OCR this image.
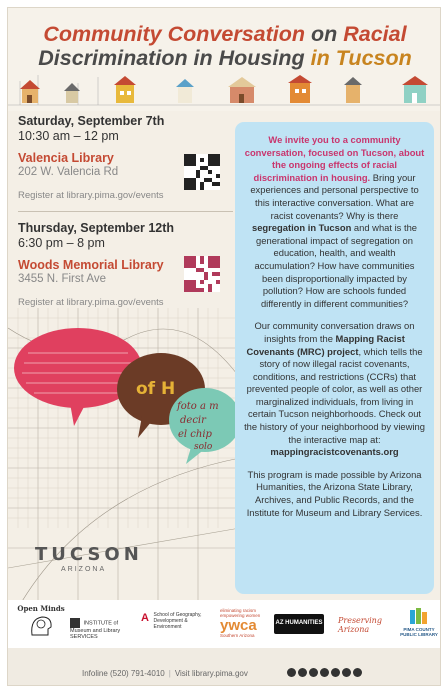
Community Conversation on Racial
Discrimination in Housing in Tucson
Saturday, September 7th
10:30 am – 12 pm
Valencia Library
202 W. Valencia Rd
Register at library.pima.gov/events
Thursday, September 12th
6:30 pm – 8 pm
Woods Memorial Library
3455 N. First Ave
Register at library.pima.gov/events
of H
foto a m
decir
el chip
solo
TUCSON
ARIZONA

We invite you to a community conversation, focused on Tucson, about the ongoing effects of racial discrimination in housing. Bring your experiences and personal perspective to this interactive conversation. What are racist covenants? Why is there segregation in Tucson and what is the generational impact of segregation on education, health, and wealth accumulation? How have communities been disproportionally impacted by pollution? How are schools funded differently in different communities?

Our community conversation draws on insights from the Mapping Racist Covenants (MRC) project, which tells the story of now illegal racist covenants, conditions, and restrictions (CCRs) that prevented people of color, as well as other marginalized individuals, from living in certain Tucson neighborhoods. Check out the history of your neighborhood by viewing the interactive map at:
mappingracistcovenants.org

This program is made possible by Arizona Humanities, the Arizona State Library, Archives, and Public Records, and the Institute for Museum and Library Services.

Open Minds
INSTITUTE of Museum and Library SERVICES
A School of Geography, Development & Environment
eliminating racism empowering women
ywca
Southern Arizona
AZ HUMANITIES Preserving Arizona	PIMA COUNTY PUBLIC LIBRARY
Infoline (520) 791-4010 | Visit library.pima.gov
